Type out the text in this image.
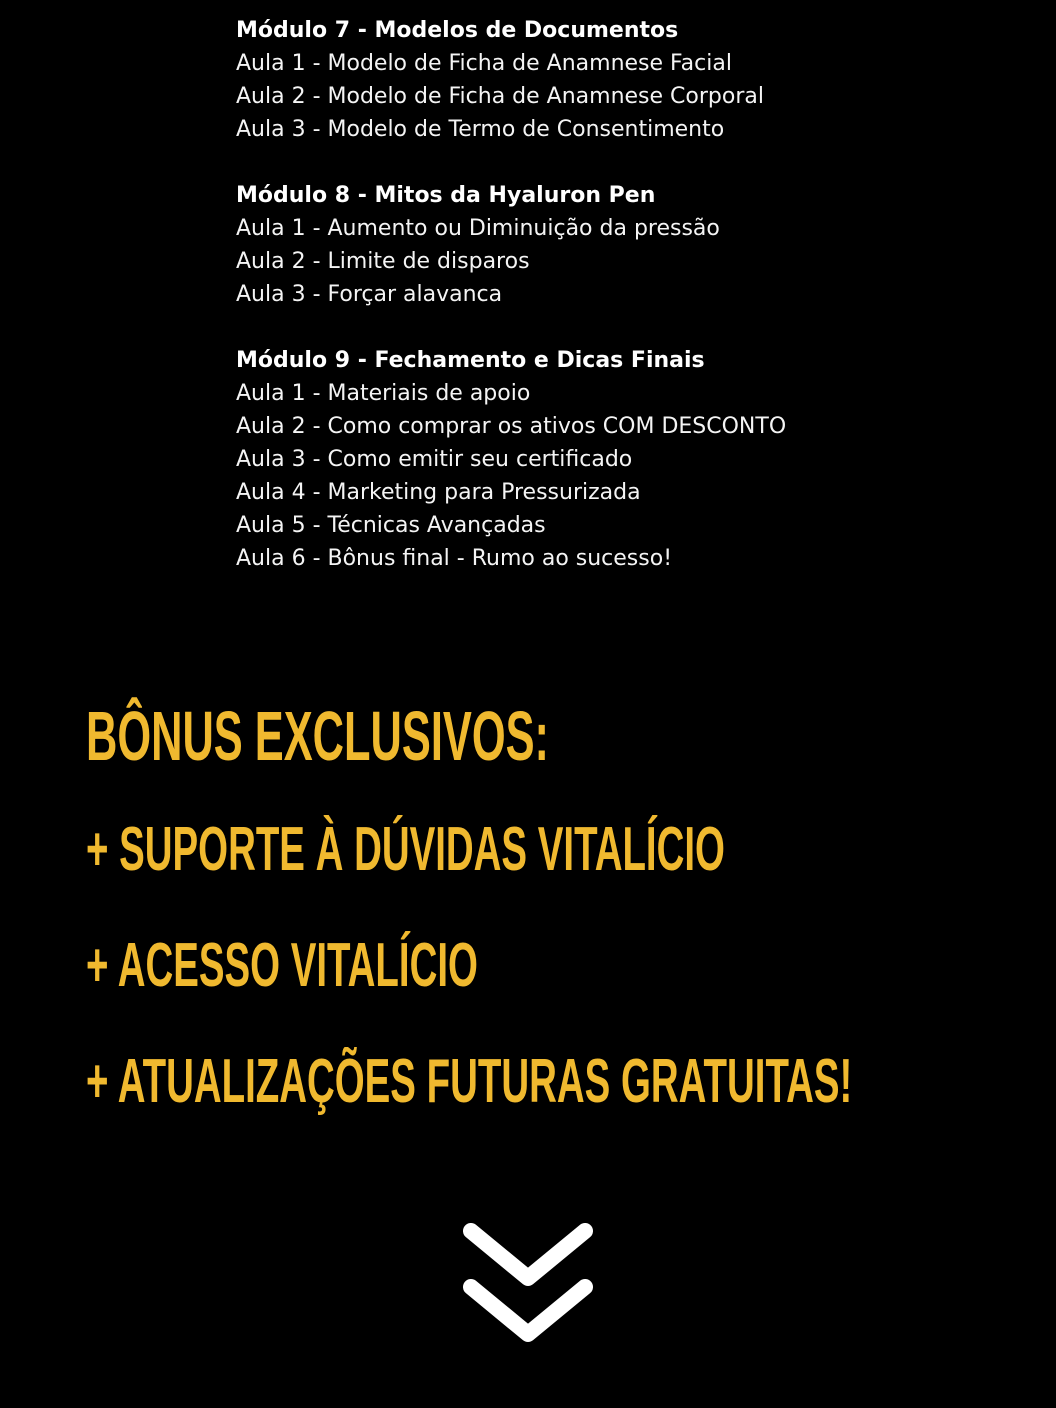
Módulo 7 - Modelos de Documentos
Aula 1 - Modelo de Ficha de Anamnese Facial
Aula 2 - Modelo de Ficha de Anamnese Corporal
Aula 3 - Modelo de Termo de Consentimento
Módulo 8 - Mitos da Hyaluron Pen
Aula 1 - Aumento ou Diminuição da pressão
Aula 2 - Limite de disparos
Aula 3 - Forçar alavanca
Módulo 9 - Fechamento e Dicas Finais
Aula 1 - Materiais de apoio
Aula 2 - Como comprar os ativos COM DESCONTO
Aula 3 - Como emitir seu certificado
Aula 4 - Marketing para Pressurizada
Aula 5 - Técnicas Avançadas
Aula 6 - Bônus final - Rumo ao sucesso!
BÔNUS EXCLUSIVOS:
+ SUPORTE À DÚVIDAS VITALÍCIO
+ ACESSO VITALÍCIO
+ ATUALIZAÇÕES FUTURAS GRATUITAS!
